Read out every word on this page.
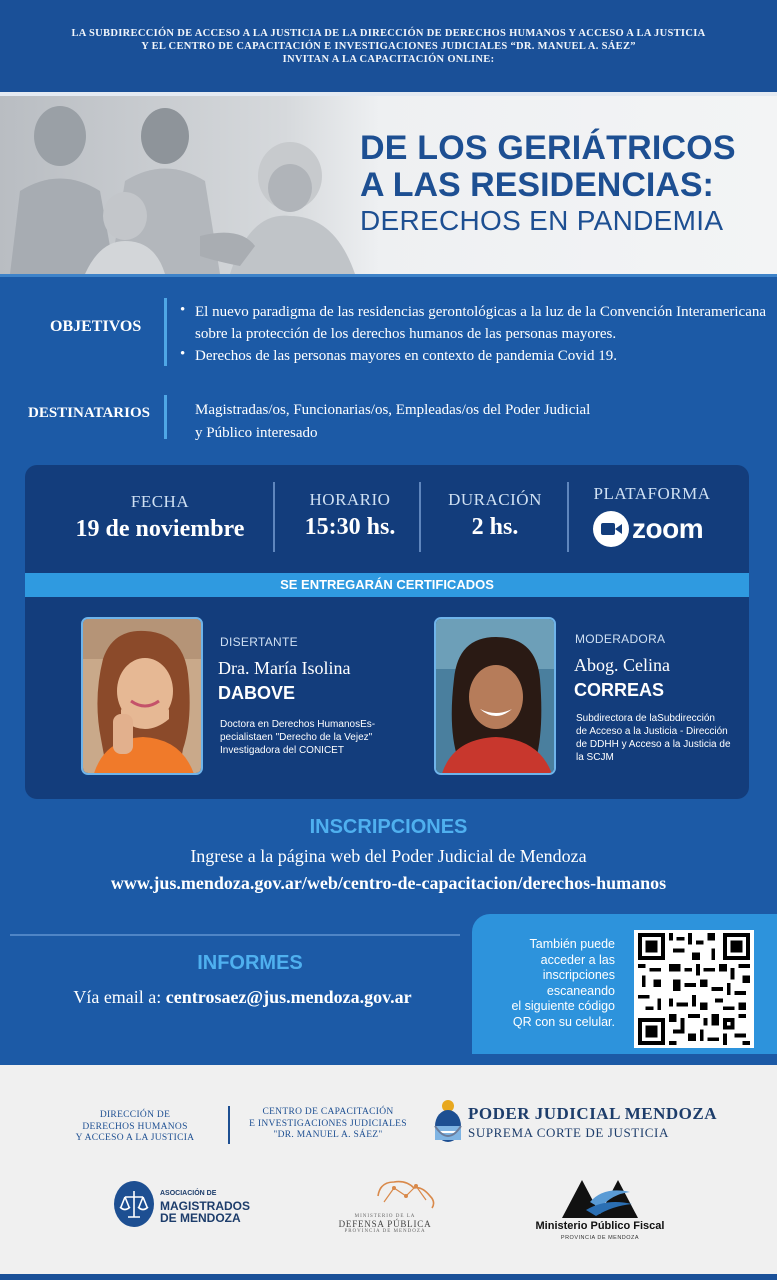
LA SUBDIRECCIÓN DE ACCESO A LA JUSTICIA DE LA DIRECCIÓN DE DERECHOS HUMANOS Y ACCESO A LA JUSTICIA

Y EL CENTRO DE CAPACITACIÓN E INVESTIGACIONES JUDICIALES “DR. MANUEL A. SÁEZ”

INVITAN A LA CAPACITACIÓN ONLINE:

DE LOS GERIÁTRICOS
A LAS RESIDENCIAS:
DERECHOS EN PANDEMIA
OBJETIVOS
• El nuevo paradigma de las residencias gerontológicas a la luz de la Convención Interamericana sobre la protección de los derechos humanos de las personas mayores.
• Derechos de las personas mayores en contexto de pandemia Covid 19.
DESTINATARIOS	Magistradas/os, Funcionarias/os, Empleadas/os del Poder Judicial
y Público interesado
FECHA
19 de noviembre
HORARIO
15:30 hs.
DURACIÓN
2 hs.
PLATAFORMA
zoom
SE ENTREGARÁN CERTIFICADOS
DISERTANTE
Dra. María Isolina
DABOVE
Doctora en Derechos HumanosEs-
pecialistaen "Derecho de la Vejez"
Investigadora del CONICET
MODERADORA
Abog. Celina
CORREAS
Subdirectora de laSubdirección
de Acceso a la Justicia - Dirección
de DDHH y Acceso a la Justicia de
la SCJM
INSCRIPCIONES
Ingrese a la página web del Poder Judicial de Mendoza
www.jus.mendoza.gov.ar/web/centro-de-capacitacion/derechos-humanos
INFORMES
Vía email a: centrosaez@jus.mendoza.gov.ar
También puede
acceder a las
inscripciones
escaneando
el siguiente código
QR con su celular.
DIRECCIÓN DE
DERECHOS HUMANOS
Y ACCESO A LA JUSTICIA
CENTRO DE CAPACITACIÓN
E INVESTIGACIONES JUDICIALES
"DR. MANUEL A. SÁEZ"
PODER JUDICIAL MENDOZA
SUPREMA CORTE DE JUSTICIA
ASOCIACIÓN DE
MAGISTRADOS
DE MENDOZA	MINISTERIO DE LA
DEFENSA PÚBLICA
PROVINCIA DE MENDOZA	Ministerio Público Fiscal
PROVINCIA DE MENDOZA
